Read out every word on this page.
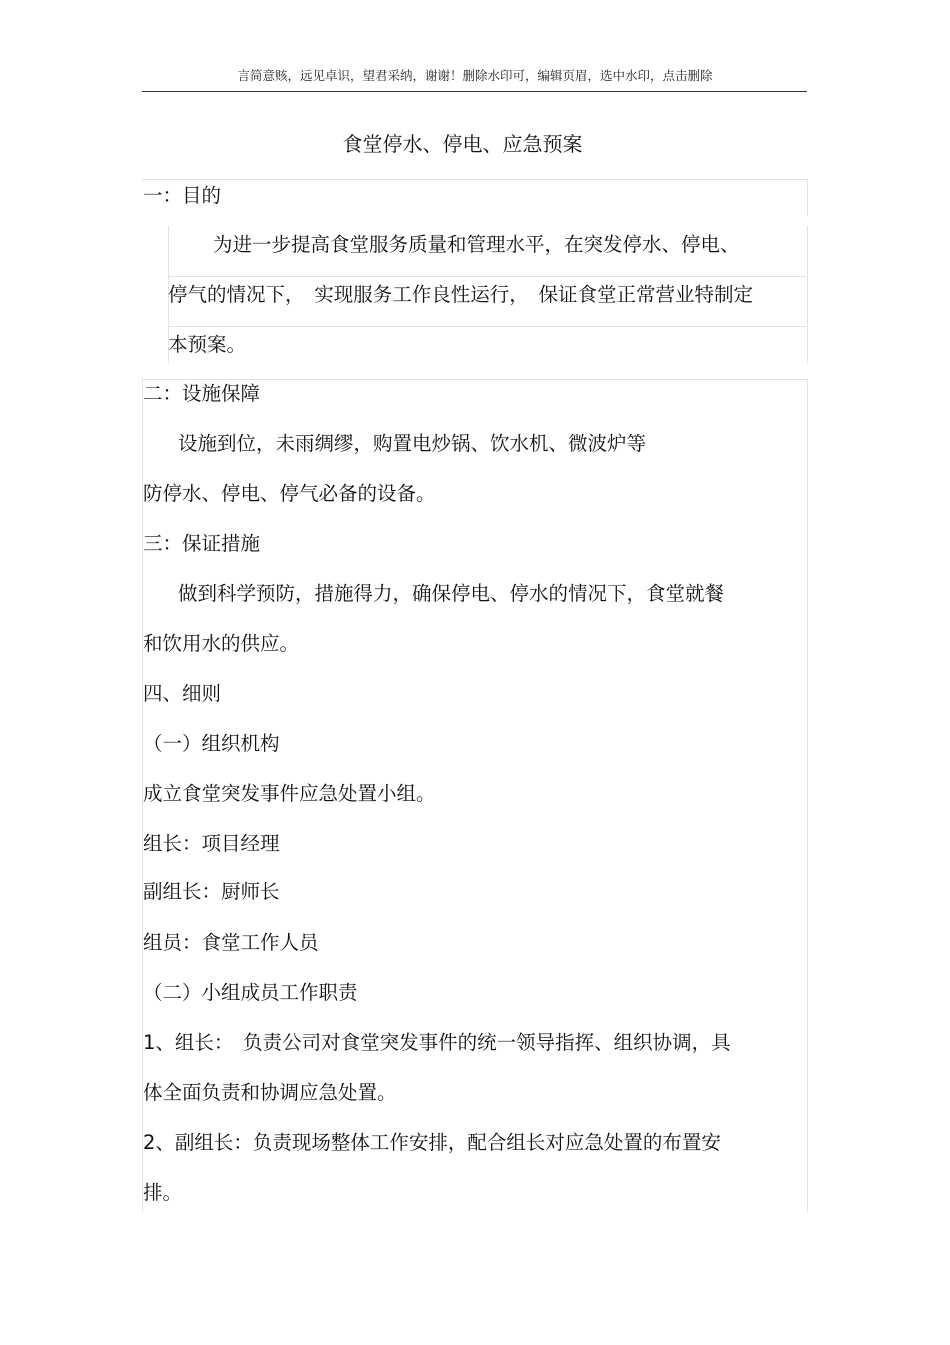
言简意赅，远见卓识，望君采纳，谢谢！删除水印可，编辑页眉，选中水印，点击删除
食堂停水、停电、应急预案
一：目的
为进一步提高食堂服务质量和管理水平，在突发停水、停电、
停气的情况下，　实现服务工作良性运行，　保证食堂正常营业特制定
本预案。
二：设施保障
设施到位，未雨绸缪，购置电炒锅、饮水机、微波炉等
防停水、停电、停气必备的设备。
三：保证措施
做到科学预防，措施得力，确保停电、停水的情况下，食堂就餐
和饮用水的供应。
四、细则
（一）组织机构
成立食堂突发事件应急处置小组。
组长：项目经理
副组长：厨师长
组员：食堂工作人员
（二）小组成员工作职责
1、组长：　负责公司对食堂突发事件的统一领导指挥、组织协调，具
体全面负责和协调应急处置。
2、副组长：负责现场整体工作安排，配合组长对应急处置的布置安
排。
